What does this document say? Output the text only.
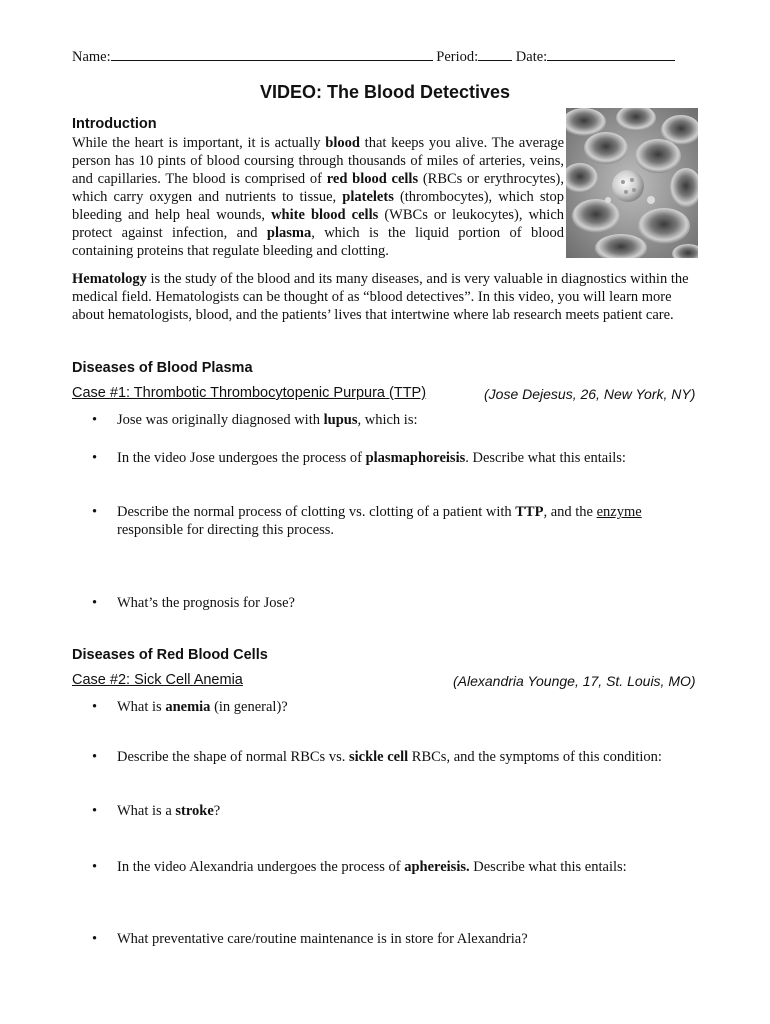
Name:	Period:	Date:
VIDEO: The Blood Detectives
Introduction
While the heart is important, it is actually blood that keeps you alive. The average person has 10 pints of blood coursing through thousands of miles of arteries, veins, and capillaries. The blood is comprised of red blood cells (RBCs or erythrocytes), which carry oxygen and nutrients to tissue, platelets (thrombocytes), which stop bleeding and help heal wounds, white blood cells (WBCs or leukocytes), which protect against infection, and plasma, which is the liquid portion of blood containing proteins that regulate bleeding and clotting.
Hematology is the study of the blood and its many diseases, and is very valuable in diagnostics within the medical field. Hematologists can be thought of as “blood detectives”. In this video, you will learn more about hematologists, blood, and the patients’ lives that intertwine where lab research meets patient care.
Diseases of Blood Plasma
Case #1: Thrombotic Thrombocytopenic Purpura (TTP)	(Jose Dejesus, 26, New York, NY)
• Jose was originally diagnosed with lupus, which is:
• In the video Jose undergoes the process of plasmaphoreisis. Describe what this entails:
• Describe the normal process of clotting vs. clotting of a patient with TTP, and the enzyme responsible for directing this process.
• What’s the prognosis for Jose?
Diseases of Red Blood Cells
Case #2: Sick Cell Anemia	(Alexandria Younge, 17, St. Louis, MO)
• What is anemia (in general)?
• Describe the shape of normal RBCs vs. sickle cell RBCs, and the symptoms of this condition:
• What is a stroke?
• In the video Alexandria undergoes the process of aphereisis. Describe what this entails:
• What preventative care/routine maintenance is in store for Alexandria?
